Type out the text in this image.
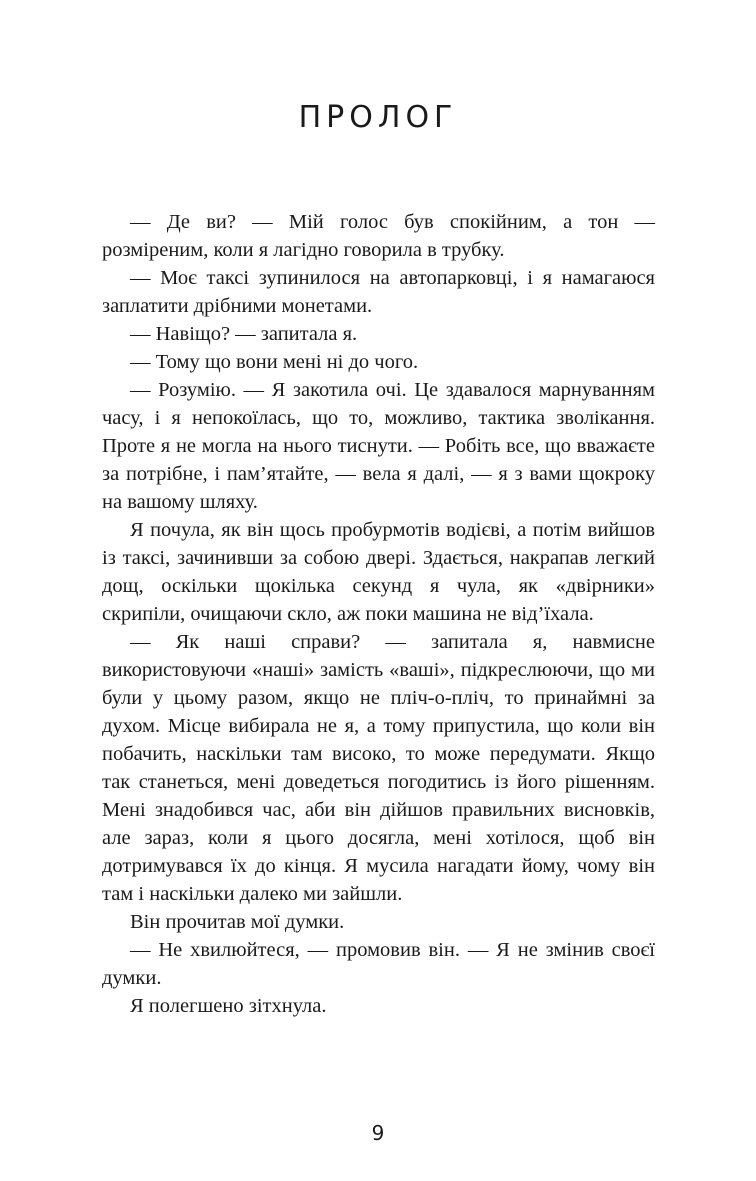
ПРОЛОГ

— Де ви? — Мій голос був спокійним, а тон — розміреним, коли я лагідно говорила в трубку.

— Моє таксі зупинилося на автопарковці, і я намагаюся заплатити дрібними монетами.

— Навіщо? — запитала я.

— Тому що вони мені ні до чого.

— Розумію. — Я закотила очі. Це здавалося марнуванням часу, і я непокоїлась, що то, можливо, тактика зволікання. Проте я не могла на нього тиснути. — Робіть все, що вважаєте за потрібне, і пам’ятайте, — вела я далі, — я з вами щокроку на вашому шляху.

Я почула, як він щось пробурмотів водієві, а потім вийшов із таксі, зачинивши за собою двері. Здається, накрапав легкий дощ, оскільки щокілька секунд я чула, як «двірники» скрипіли, очищаючи скло, аж поки машина не від’їхала.

— Як наші справи? — запитала я, навмисне використовуючи «наші» замість «ваші», підкреслюючи, що ми були у цьому разом, якщо не пліч-о-пліч, то принаймні за духом. Місце вибирала не я, а тому припустила, що коли він побачить, наскільки там високо, то може передумати. Якщо так станеться, мені доведеться погодитись із його рішенням. Мені знадобився час, аби він дійшов правильних висновків, але зараз, коли я цього досягла, мені хотілося, щоб він дотримувався їх до кінця. Я мусила нагадати йому, чому він там і наскільки далеко ми зайшли.

Він прочитав мої думки.

— Не хвилюйтеся, — промовив він. — Я не змінив своєї думки.

Я полегшено зітхнула.

9
